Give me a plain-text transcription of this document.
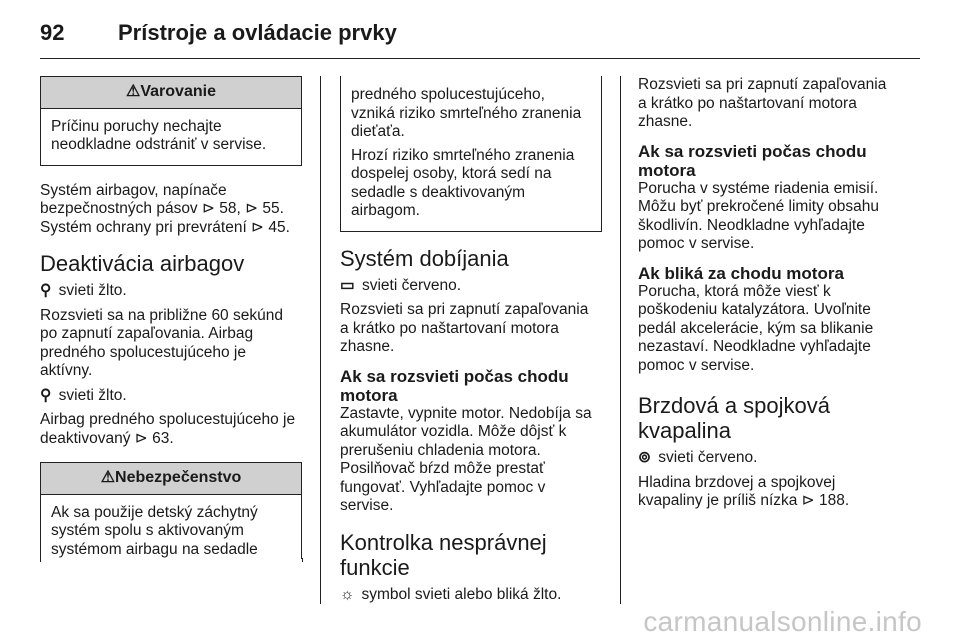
92 Prístroje a ovládacie prvky
⚠Varovanie
Príčinu poruchy nechajte
neodkladne odstrániť v servise.

Systém airbagov, napínače
bezpečnostných pásov ⊳ 58, ⊳ 55.
Systém ochrany pri prevrátení ⊳ 45.

Deaktivácia airbagov

⚲ svieti žlto.

Rozsvieti sa na približne 60 sekúnd
po zapnutí zapaľovania. Airbag
predného spolucestujúceho je
aktívny.

⚲ svieti žlto.

Airbag predného spolucestujúceho je
deaktivovaný ⊳ 63.

⚠Nebezpečenstvo
Ak sa použije detský záchytný
systém spolu s aktivovaným
systémom airbagu na sedadle
predného spolucestujúceho,
vzniká riziko smrteľného zranenia
dieťaťa.
Hrozí riziko smrteľného zranenia
dospelej osoby, ktorá sedí na
sedadle s deaktivovaným
airbagom.
Systém dobíjania

▭ svieti červeno.

Rozsvieti sa pri zapnutí zapaľovania
a krátko po naštartovaní motora
zhasne.

Ak sa rozsvieti počas chodu
motora

Zastavte, vypnite motor. Nedobíja sa
akumulátor vozidla. Môže dôjsť k
prerušeniu chladenia motora.
Posilňovač bŕzd môže prestať
fungovať. Vyhľadajte pomoc v
servise.

Kontrolka nesprávnej
funkcie

☼ symbol svieti alebo bliká žlto.

Rozsvieti sa pri zapnutí zapaľovania
a krátko po naštartovaní motora
zhasne.

Ak sa rozsvieti počas chodu
motora

Porucha v systéme riadenia emisií.
Môžu byť prekročené limity obsahu
škodlivín. Neodkladne vyhľadajte
pomoc v servise.

Ak bliká za chodu motora

Porucha, ktorá môže viesť k
poškodeniu katalyzátora. Uvoľnite
pedál akcelerácie, kým sa blikanie
nezastaví. Neodkladne vyhľadajte
pomoc v servise.

Brzdová a spojková
kvapalina

⊚ svieti červeno.

Hladina brzdovej a spojkovej
kvapaliny je príliš nízka ⊳ 188.

carmanualsonline.info
